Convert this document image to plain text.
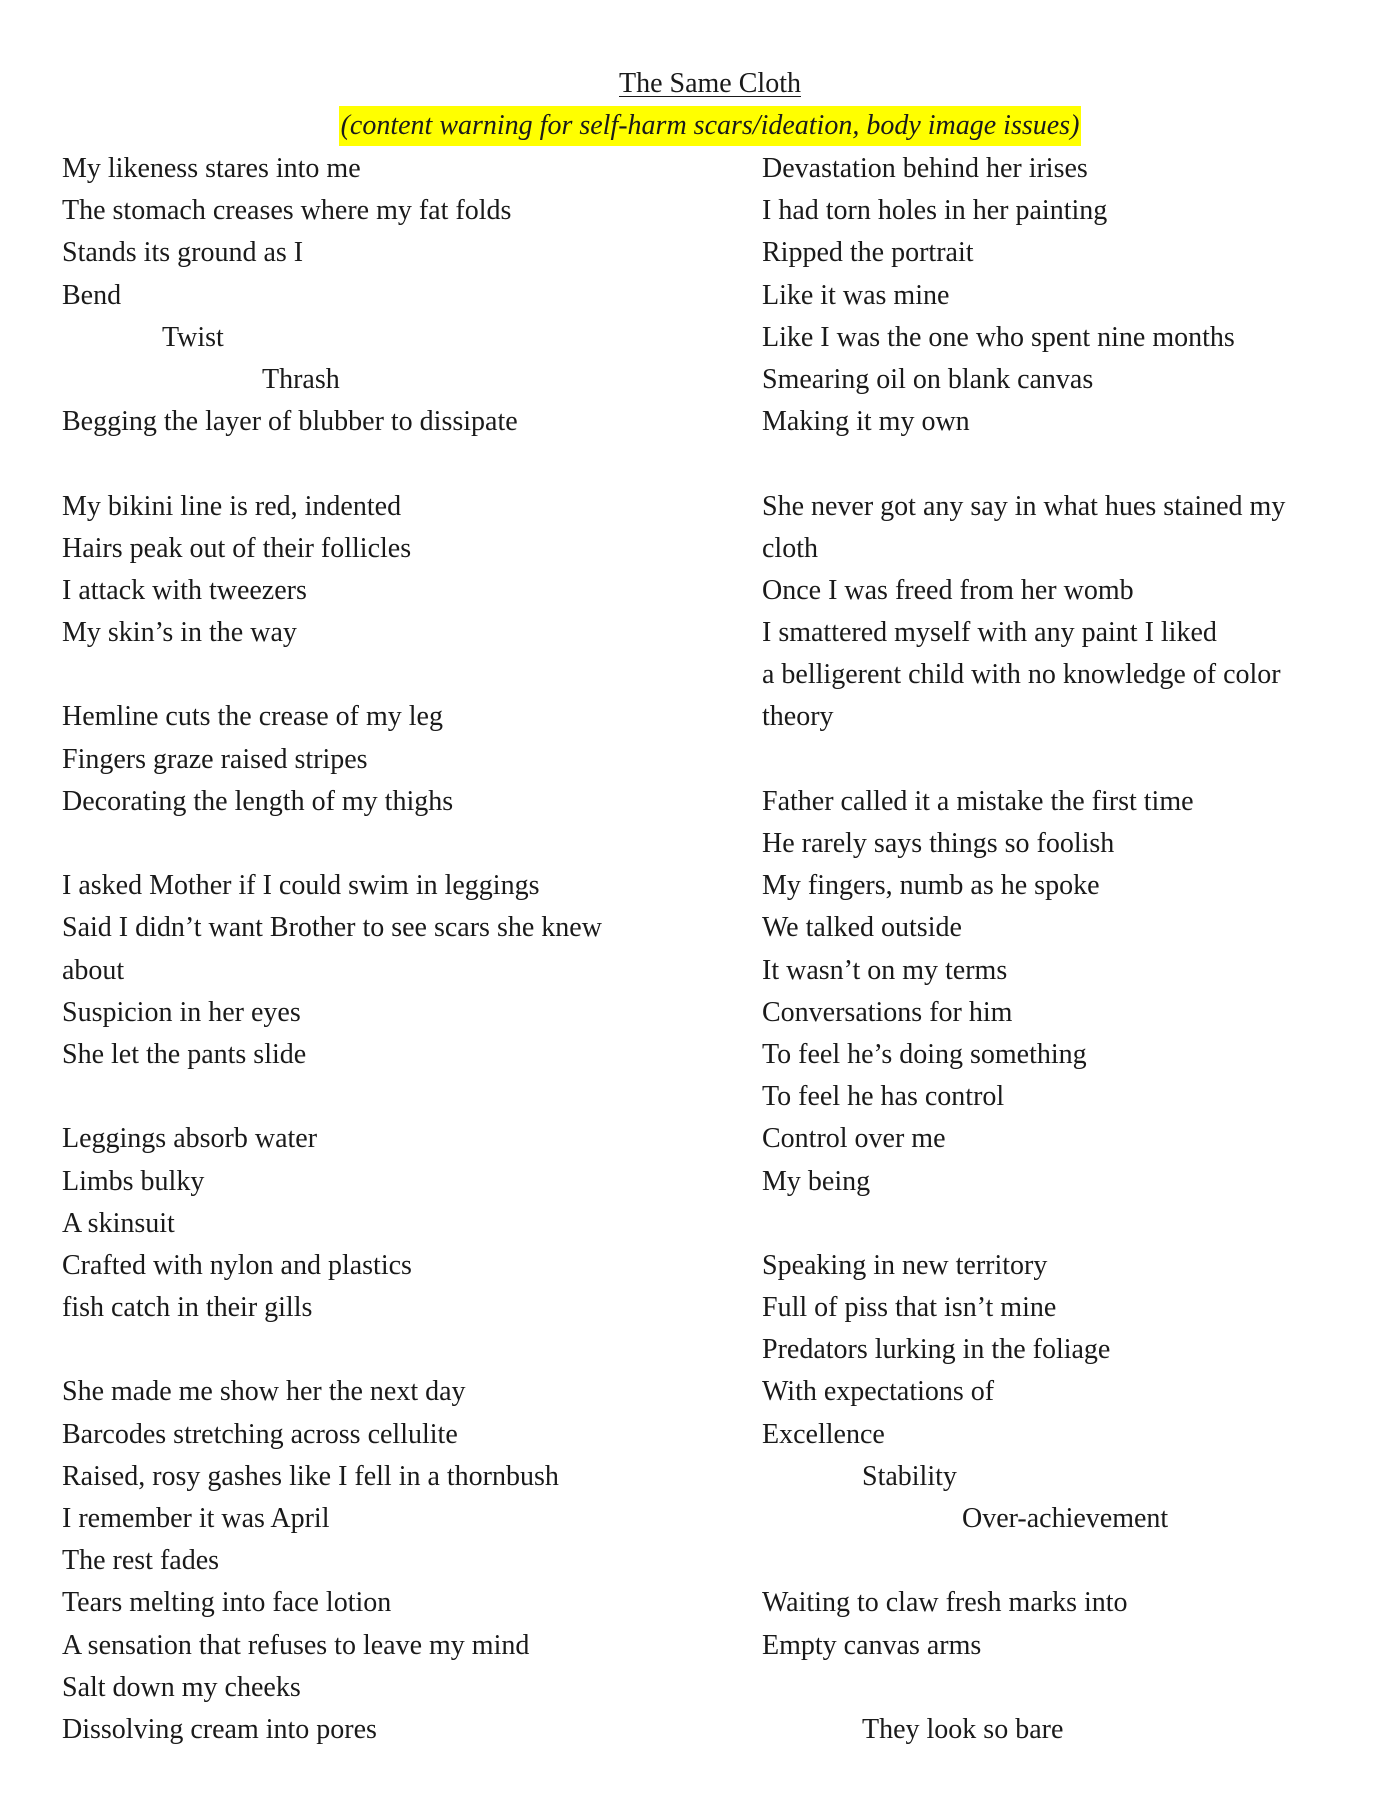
The Same Cloth
(content warning for self-harm scars/ideation, body image issues)
My likeness stares into me
The stomach creases where my fat folds
Stands its ground as I
Bend
Twist
Thrash
Begging the layer of blubber to dissipate
My bikini line is red, indented
Hairs peak out of their follicles
I attack with tweezers
My skin’s in the way
Hemline cuts the crease of my leg
Fingers graze raised stripes
Decorating the length of my thighs
I asked Mother if I could swim in leggings
Said I didn’t want Brother to see scars she knew
about
Suspicion in her eyes
She let the pants slide
Leggings absorb water
Limbs bulky
A skinsuit
Crafted with nylon and plastics
fish catch in their gills
She made me show her the next day
Barcodes stretching across cellulite
Raised, rosy gashes like I fell in a thornbush
I remember it was April
The rest fades
Tears melting into face lotion
A sensation that refuses to leave my mind
Salt down my cheeks
Dissolving cream into pores
Devastation behind her irises
I had torn holes in her painting
Ripped the portrait
Like it was mine
Like I was the one who spent nine months
Smearing oil on blank canvas
Making it my own
She never got any say in what hues stained my
cloth
Once I was freed from her womb
I smattered myself with any paint I liked
a belligerent child with no knowledge of color
theory
Father called it a mistake the first time
He rarely says things so foolish
My fingers, numb as he spoke
We talked outside
It wasn’t on my terms
Conversations for him
To feel he’s doing something
To feel he has control
Control over me
My being
Speaking in new territory
Full of piss that isn’t mine
Predators lurking in the foliage
With expectations of
Excellence
Stability
Over-achievement
Waiting to claw fresh marks into
Empty canvas arms
They look so bare
